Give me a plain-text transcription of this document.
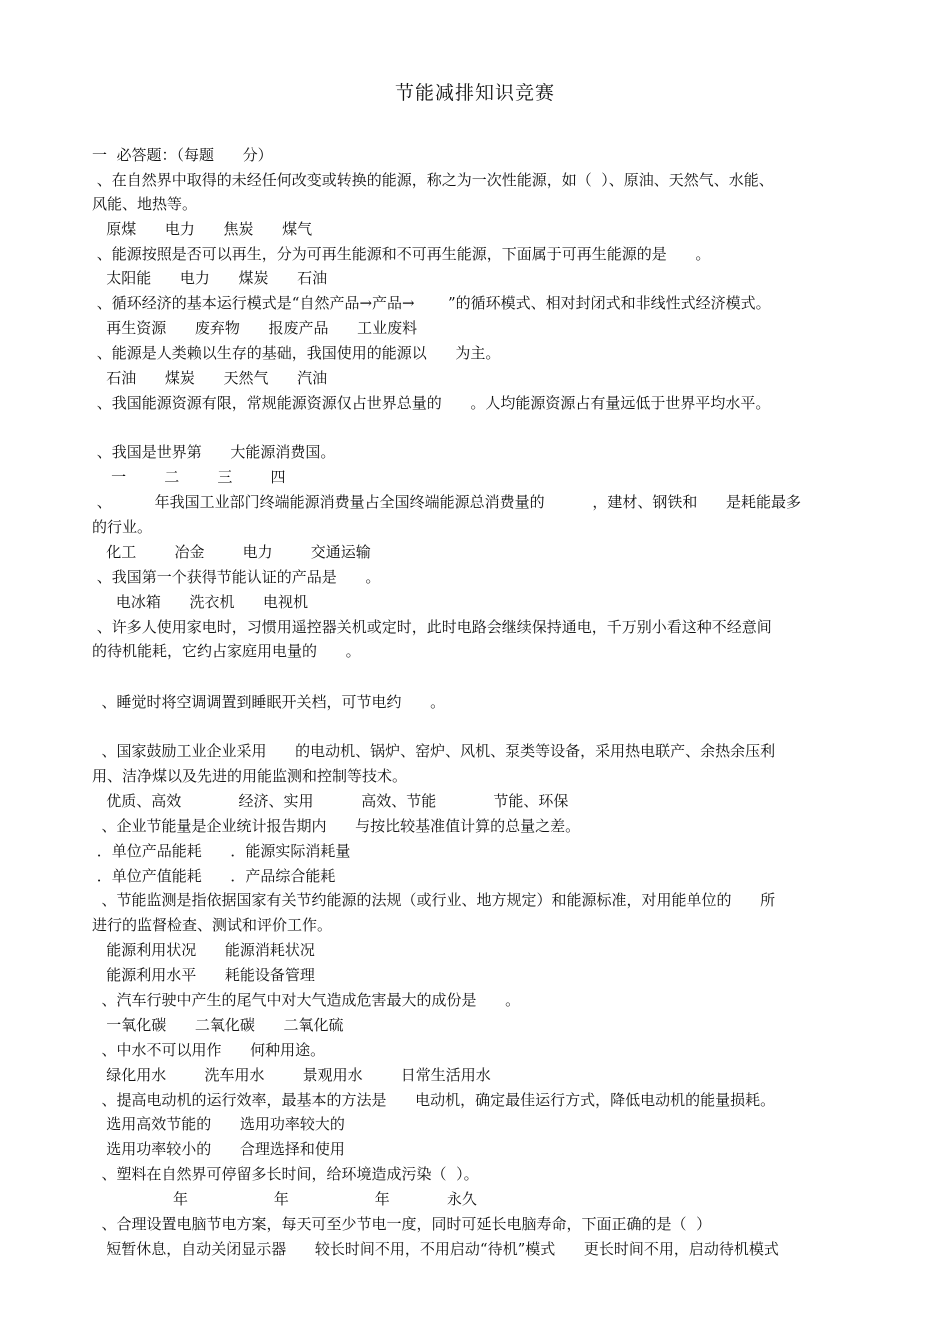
节能减排知识竞赛
一  必答题：（每题      分）
、在自然界中取得的未经任何改变或转换的能源，称之为一次性能源，如（  ）、原油、天然气、水能、
风能、地热等。
原煤      电力      焦炭      煤气
、能源按照是否可以再生，分为可再生能源和不可再生能源，下面属于可再生能源的是      。
太阳能      电力      煤炭      石油
、循环经济的基本运行模式是“自然产品→产品→       ”的循环模式、相对封闭式和非线性式经济模式。
再生资源      废弃物      报废产品      工业废料
、能源是人类赖以生存的基础，我国使用的能源以      为主。
石油      煤炭      天然气      汽油
、我国能源资源有限，常规能源资源仅占世界总量的      。人均能源资源占有量远低于世界平均水平。
、我国是世界第      大能源消费国。
一        二        三        四
、         年我国工业部门终端能源消费量占全国终端能源总消费量的          ，建材、钢铁和      是耗能最多
的行业。
化工        冶金        电力        交通运输
、我国第一个获得节能认证的产品是      。
电冰箱      洗衣机      电视机
、许多人使用家电时，习惯用遥控器关机或定时，此时电路会继续保持通电，千万别小看这种不经意间
的待机能耗，它约占家庭用电量的      。
、睡觉时将空调调置到睡眠开关档，可节电约      。
、国家鼓励工业企业采用      的电动机、锅炉、窑炉、风机、泵类等设备，采用热电联产、余热余压利
用、洁净煤以及先进的用能监测和控制等技术。
优质、高效            经济、实用          高效、节能            节能、环保
、企业节能量是企业统计报告期内      与按比较基准值计算的总量之差。
．单位产品能耗      ．能源实际消耗量
．单位产值能耗      ．产品综合能耗
、节能监测是指依据国家有关节约能源的法规（或行业、地方规定）和能源标准，对用能单位的      所
进行的监督检查、测试和评价工作。
能源利用状况      能源消耗状况
能源利用水平      耗能设备管理
、汽车行驶中产生的尾气中对大气造成危害最大的成份是      。
一氧化碳      二氧化碳      二氧化硫
、中水不可以用作      何种用途。
绿化用水        洗车用水        景观用水        日常生活用水
、提高电动机的运行效率，最基本的方法是      电动机，确定最佳运行方式，降低电动机的能量损耗。
选用高效节能的      选用功率较大的
选用功率较小的      合理选择和使用
、塑料在自然界可停留多长时间，给环境造成污染（  ）。
年                  年                  年            永久
、合理设置电脑节电方案，每天可至少节电一度，同时可延长电脑寿命，下面正确的是（  ）
短暂休息，自动关闭显示器      较长时间不用，不用启动“待机”模式      更长时间不用，启动待机模式
